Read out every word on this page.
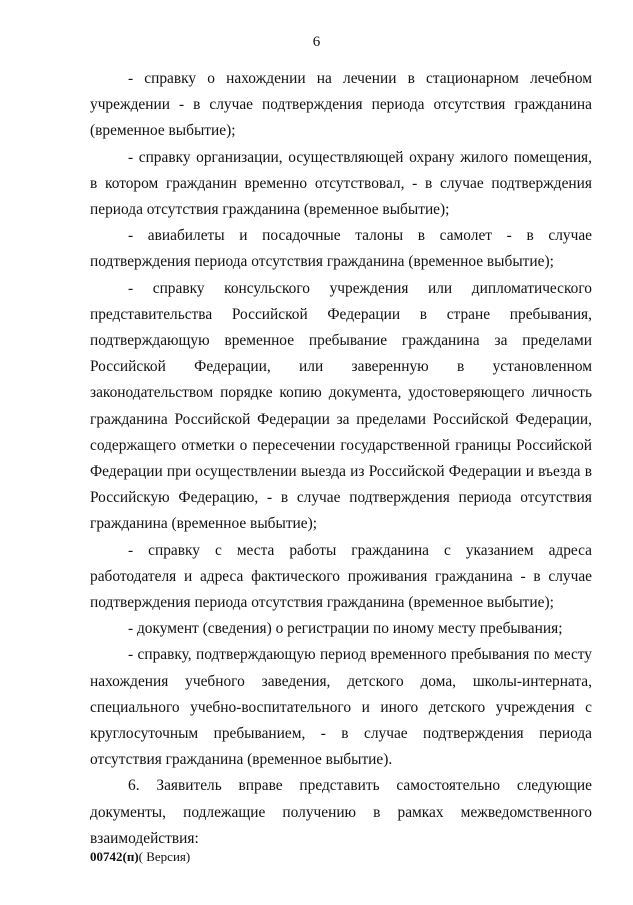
6

- справку о нахождении на лечении в стационарном лечебном учреждении - в случае подтверждения периода отсутствия гражданина (временное выбытие);

- справку организации, осуществляющей охрану жилого помещения, в котором гражданин временно отсутствовал, - в случае подтверждения периода отсутствия гражданина (временное выбытие);

- авиабилеты и посадочные талоны в самолет - в случае подтверждения периода отсутствия гражданина (временное выбытие);

- справку консульского учреждения или дипломатического представительства Российской Федерации в стране пребывания, подтверждающую временное пребывание гражданина за пределами Российской Федерации, или заверенную в установленном законодательством порядке копию документа, удостоверяющего личность гражданина Российской Федерации за пределами Российской Федерации, содержащего отметки о пересечении государственной границы Российской Федерации при осуществлении выезда из Российской Федерации и въезда в Российскую Федерацию, - в случае подтверждения периода отсутствия гражданина (временное выбытие);

- справку с места работы гражданина с указанием адреса работодателя и адреса фактического проживания гражданина - в случае подтверждения периода отсутствия гражданина (временное выбытие);

- документ (сведения) о регистрации по иному месту пребывания;

- справку, подтверждающую период временного пребывания по месту нахождения учебного заведения, детского дома, школы-интерната, специального учебно-воспитательного и иного детского учреждения с круглосуточным пребыванием, - в случае подтверждения периода отсутствия гражданина (временное выбытие).

6. Заявитель вправе представить самостоятельно следующие документы, подлежащие получению в рамках межведомственного взаимодействия:

00742(п)( Версия)
